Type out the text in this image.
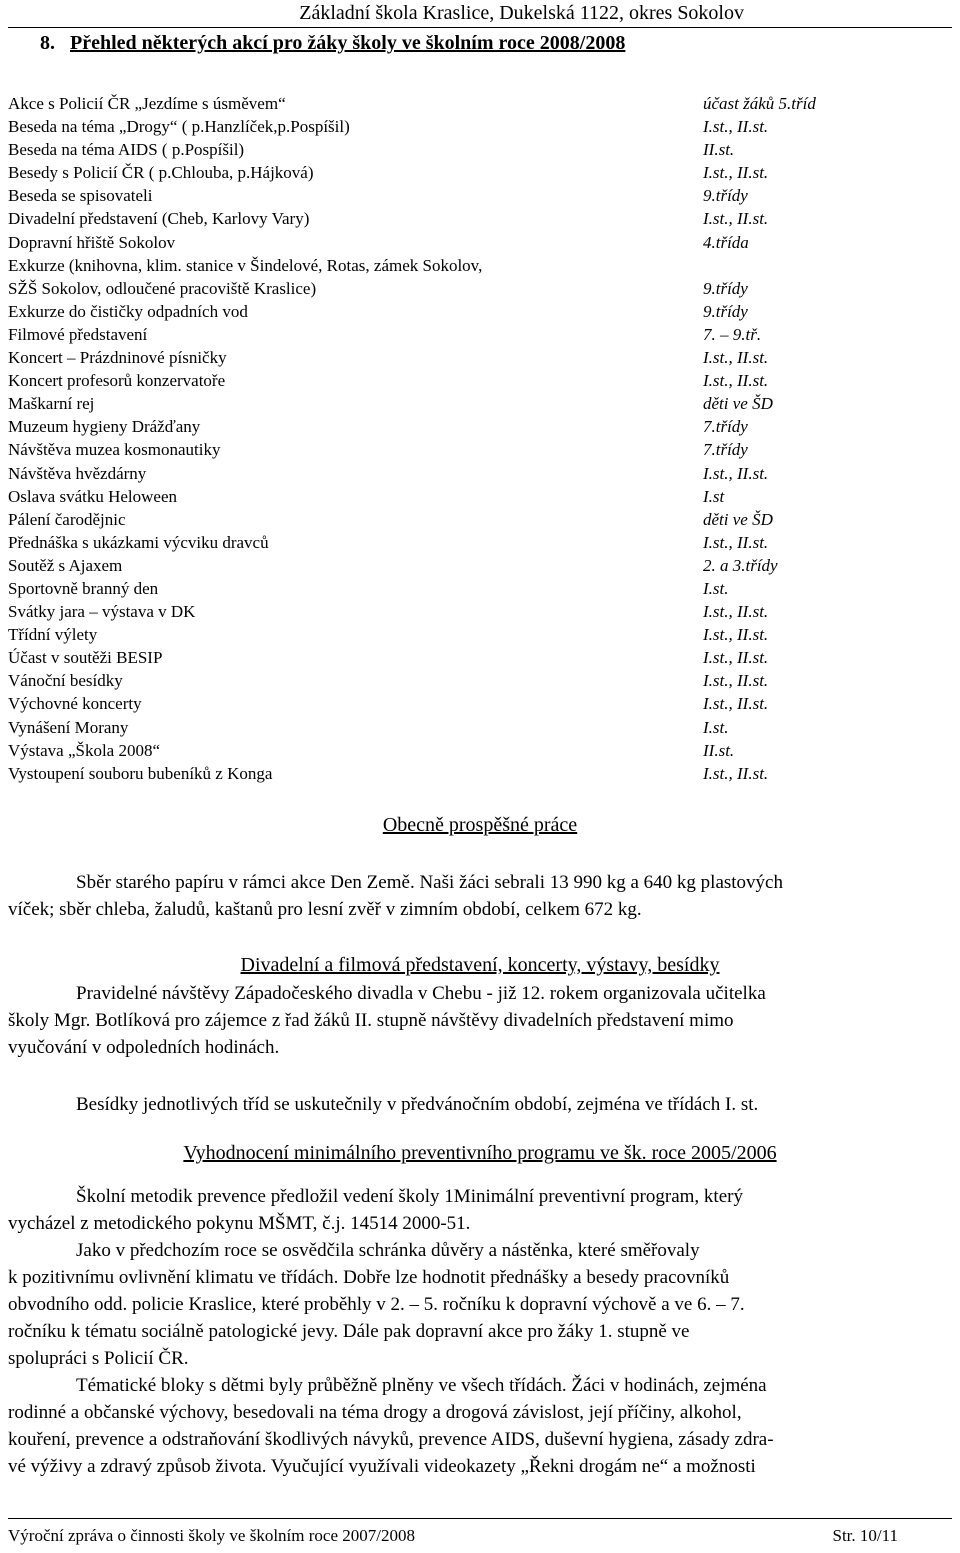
Základní škola Kraslice, Dukelská 1122, okres Sokolov
8. Přehled některých akcí pro žáky školy ve školním roce 2008/2008
Akce s Policií ČR „Jezdíme s úsměvem“	účast žáků 5.tříd
Beseda na téma „Drogy“ ( p.Hanzlíček,p.Pospíšil)	I.st., II.st.
Beseda na téma AIDS ( p.Pospíšil)	II.st.
Besedy s Policií ČR ( p.Chlouba, p.Hájková)	I.st., II.st.
Beseda se spisovateli	9.třídy
Divadelní představení (Cheb, Karlovy Vary)	I.st., II.st.
Dopravní hřiště Sokolov	4.třída
Exkurze (knihovna, klim. stanice v Šindelové, Rotas, zámek Sokolov,
SŽŠ Sokolov, odloučené pracoviště Kraslice)	9.třídy
Exkurze do čističky odpadních vod	9.třídy
Filmové představení	7. – 9.tř.
Koncert – Prázdninové písničky	I.st., II.st.
Koncert profesorů konzervatoře	I.st., II.st.
Maškarní rej	děti ve ŠD
Muzeum hygieny Drážďany	7.třídy
Návštěva muzea kosmonautiky	7.třídy
Návštěva hvězdárny	I.st., II.st.
Oslava svátku Heloween	I.st
Pálení čarodějnic	děti ve ŠD
Přednáška s ukázkami výcviku dravců	I.st., II.st.
Soutěž s Ajaxem	2. a 3.třídy
Sportovně branný den	I.st.
Svátky jara – výstava v DK	I.st., II.st.
Třídní výlety	I.st., II.st.
Účast v soutěži BESIP	I.st., II.st.
Vánoční besídky	I.st., II.st.
Výchovné koncerty	I.st., II.st.
Vynášení Morany	I.st.
Výstava „Škola 2008“	II.st.
Vystoupení souboru bubeníků z Konga	I.st., II.st.
Obecně prospěšné práce
Sběr starého papíru v rámci akce Den Země. Naši žáci sebrali 13 990 kg a 640 kg plastových
víček; sběr chleba, žaludů, kaštanů pro lesní zvěř v zimním období, celkem 672 kg.
Divadelní a filmová představení, koncerty, výstavy, besídky
Pravidelné návštěvy Západočeského divadla v Chebu - již 12. rokem organizovala učitelka
školy Mgr. Botlíková pro zájemce z řad žáků II. stupně návštěvy divadelních představení mimo
vyučování v odpoledních hodinách.
Besídky jednotlivých tříd se uskutečnily v předvánočním období, zejména ve třídách I. st.
Vyhodnocení minimálního preventivního programu ve šk. roce 2005/2006
Školní metodik prevence předložil vedení školy 1Minimální preventivní program, který
vycházel z metodického pokynu MŠMT, č.j. 14514 2000-51.
Jako v předchozím roce se osvědčila schránka důvěry a nástěnka, které směřovaly
k pozitivnímu ovlivnění klimatu ve třídách. Dobře lze hodnotit přednášky a besedy pracovníků
obvodního odd. policie Kraslice, které proběhly v 2. – 5. ročníku k dopravní výchově a ve 6. – 7.
ročníku k tématu sociálně patologické jevy. Dále pak dopravní akce pro žáky 1. stupně ve
spolupráci s Policií ČR.
Tématické bloky s dětmi byly průběžně plněny ve všech třídách. Žáci v hodinách, zejména
rodinné a občanské výchovy, besedovali na téma drogy a drogová závislost, její příčiny, alkohol,
kouření, prevence a odstraňování škodlivých návyků, prevence AIDS, duševní hygiena, zásady zdra-
vé výživy a zdravý způsob života. Vyučující využívali videokazety „Řekni drogám ne“ a možnosti
Výroční zpráva o činnosti školy ve školním roce 2007/2008	Str. 10/11
